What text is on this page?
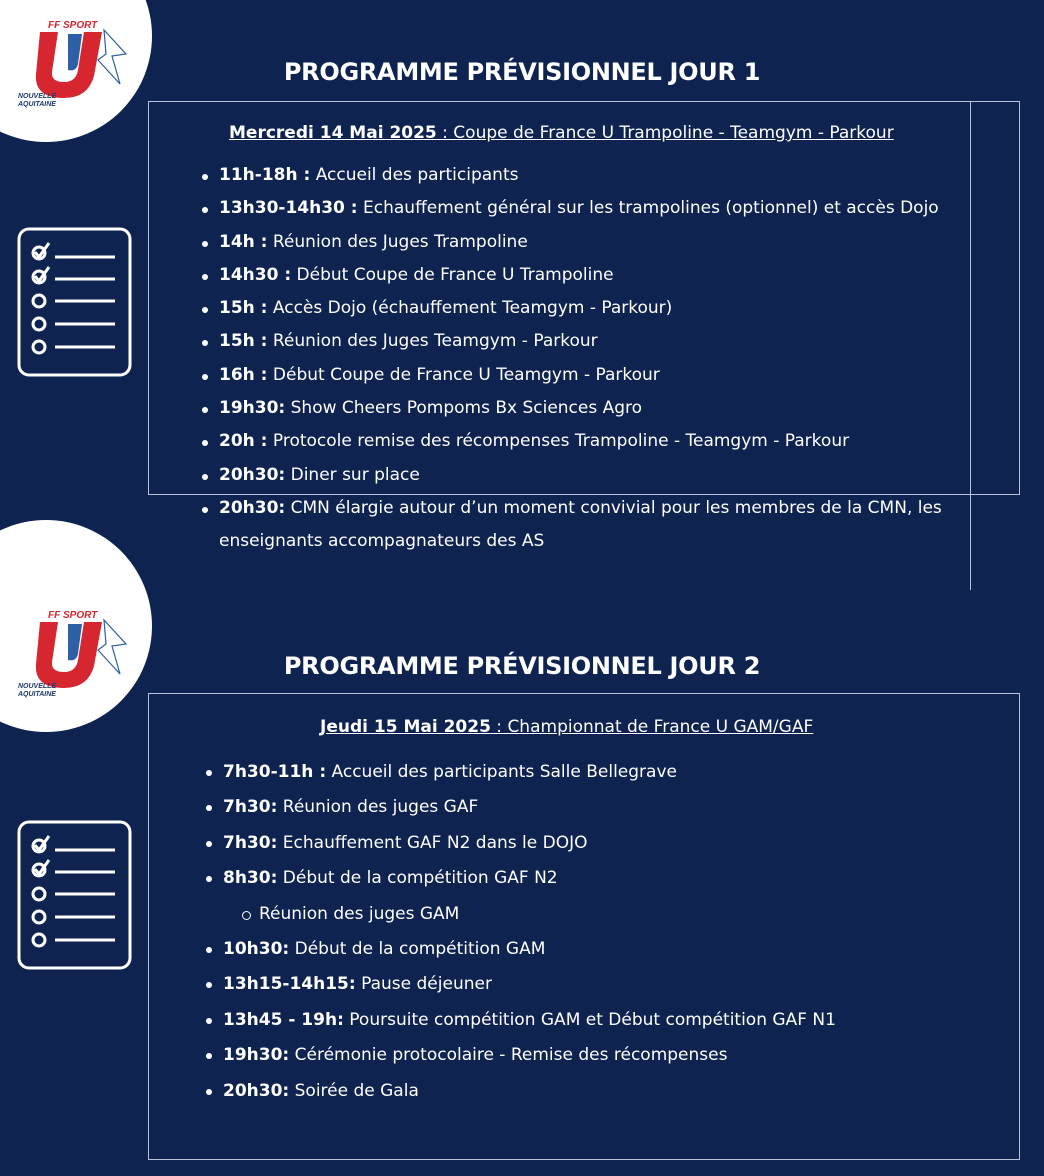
FF SPORT
NOUVELLE
AQUITAINE
PROGRAMME PRÉVISIONNEL JOUR 1
Mercredi 14 Mai 2025 : Coupe de France U Trampoline - Teamgym - Parkour
11h-18h : Accueil des participants
13h30-14h30 : Echauffement général sur les trampolines (optionnel) et accès Dojo
14h : Réunion des Juges Trampoline
14h30 : Début Coupe de France U Trampoline
15h : Accès Dojo (échauffement Teamgym - Parkour)
15h : Réunion des Juges Teamgym - Parkour
16h : Début Coupe de France U Teamgym - Parkour
19h30: Show Cheers Pompoms Bx Sciences Agro
20h : Protocole remise des récompenses Trampoline - Teamgym - Parkour
20h30: Diner sur place
20h30: CMN élargie autour d’un moment convivial pour les membres de la CMN, les enseignants accompagnateurs des AS
FF SPORT
NOUVELLE
AQUITAINE
PROGRAMME PRÉVISIONNEL JOUR 2
Jeudi 15 Mai 2025 : Championnat de France U GAM/GAF
7h30-11h : Accueil des participants Salle Bellegrave
7h30: Réunion des juges GAF
7h30: Echauffement GAF N2 dans le DOJO
8h30: Début de la compétition GAF N2
Réunion des juges GAM
10h30: Début de la compétition GAM
13h15-14h15: Pause déjeuner
13h45 - 19h: Poursuite compétition GAM et Début compétition GAF N1
19h30: Cérémonie protocolaire - Remise des récompenses
20h30: Soirée de Gala
